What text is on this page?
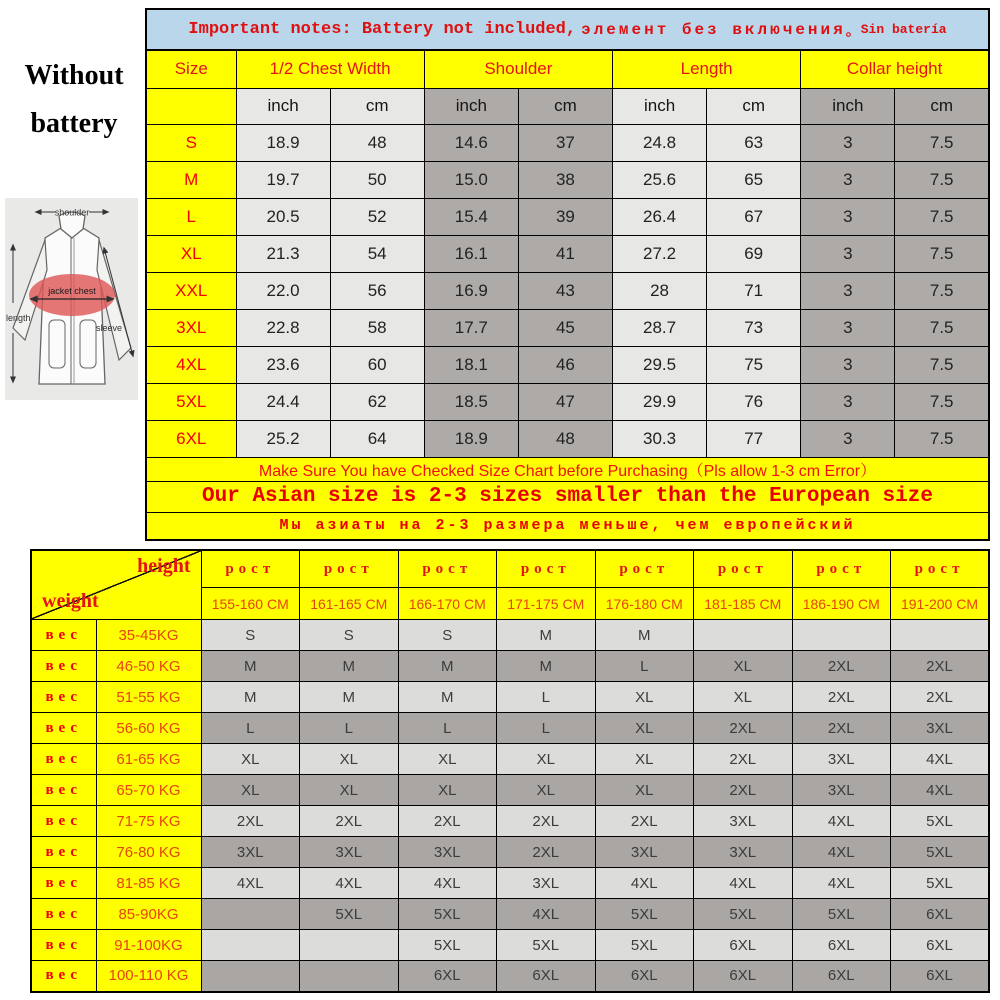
Without
battery
shoulder
length
sleeve
jacket chest
Important notes: Battery not included, элемент без включения 。 Sin batería
Size	1/2 Chest Width		Shoulder		Length		Collar height	
	inch	cm	inch	cm	inch	cm	inch	cm
S	18.9	48	14.6	37	24.8	63	3	7.5
M	19.7	50	15.0	38	25.6	65	3	7.5
L	20.5	52	15.4	39	26.4	67	3	7.5
XL	21.3	54	16.1	41	27.2	69	3	7.5
XXL	22.0	56	16.9	43	28	71	3	7.5
3XL	22.8	58	17.7	45	28.7	73	3	7.5
4XL	23.6	60	18.1	46	29.5	75	3	7.5
5XL	24.4	62	18.5	47	29.9	76	3	7.5
6XL	25.2	64	18.9	48	30.3	77	3	7.5
Make Sure You have Checked Size Chart before Purchasing（Pls allow 1-3 cm Error）								
Our Asian size is 2-3 sizes smaller than the European size								
Мы азиаты на 2-3 размера меньше, чем европейский								
height
weight		рост	рост	рост	рост	рост	рост	рост	рост
		155-160 CM	161-165 CM	166-170 CM	171-175 CM	176-180 CM	181-185 CM	186-190 CM	191-200 CM
вес	35-45KG	S	S	S	M	M			
вес	46-50 KG	M	M	M	M	L	XL	2XL	2XL
вес	51-55 KG	M	M	M	L	XL	XL	2XL	2XL
вес	56-60 KG	L	L	L	L	XL	2XL	2XL	3XL
вес	61-65 KG	XL	XL	XL	XL	XL	2XL	3XL	4XL
вес	65-70 KG	XL	XL	XL	XL	XL	2XL	3XL	4XL
вес	71-75 KG	2XL	2XL	2XL	2XL	2XL	3XL	4XL	5XL
вес	76-80 KG	3XL	3XL	3XL	2XL	3XL	3XL	4XL	5XL
вес	81-85 KG	4XL	4XL	4XL	3XL	4XL	4XL	4XL	5XL
вес	85-90KG		5XL	5XL	4XL	5XL	5XL	5XL	6XL
вес	91-100KG			5XL	5XL	5XL	6XL	6XL	6XL
вес	100-110 KG			6XL	6XL	6XL	6XL	6XL	6XL
